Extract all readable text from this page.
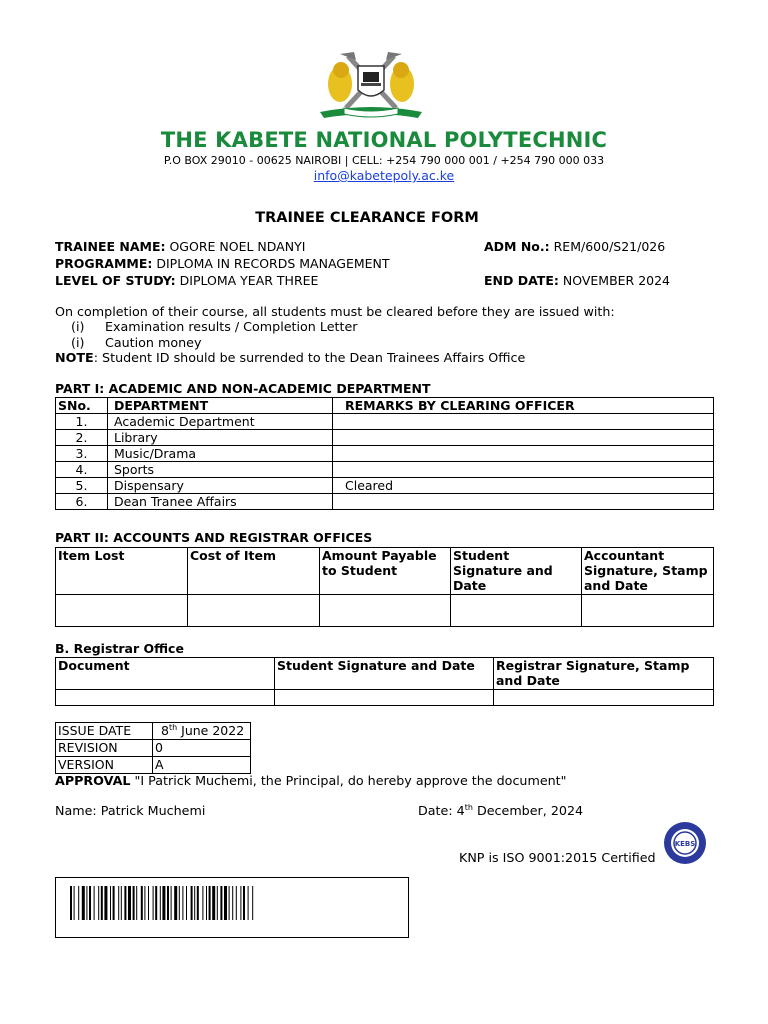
THE KABETE NATIONAL POLYTECHNIC
P.O BOX 29010 - 00625 NAIROBI | CELL: +254 790 000 001 / +254 790 000 033
info@kabetepoly.ac.ke
TRAINEE CLEARANCE FORM
TRAINEE NAME: OGORE NOEL NDANYI	ADM No.: REM/600/S21/026
PROGRAMME: DIPLOMA IN RECORDS MANAGEMENT
LEVEL OF STUDY: DIPLOMA YEAR THREE	END DATE: NOVEMBER 2024
On completion of their course, all students must be cleared before they are issued with:
(i) Examination results / Completion Letter
(i) Caution money
NOTE: Student ID should be surrended to the Dean Trainees Affairs Office
PART I: ACADEMIC AND NON-ACADEMIC DEPARTMENT
SNo.	DEPARTMENT	REMARKS BY CLEARING OFFICER
1.	Academic Department	
2.	Library	
3.	Music/Drama	
4.	Sports	
5.	Dispensary	Cleared
6.	Dean Tranee Affairs	
PART II: ACCOUNTS AND REGISTRAR OFFICES
Item Lost	Cost of Item	Amount Payable to Student	Student Signature and Date	Accountant Signature, Stamp and Date

B. Registrar Office
Document	Student Signature and Date	Registrar Signature, Stamp and Date

ISSUE DATE	8th June 2022
REVISION	0
VERSION	A
APPROVAL "I Patrick Muchemi, the Principal, do hereby approve the document"
Name: Patrick Muchemi	Date: 4th December, 2024
KNP is ISO 9001:2015 Certified
KEBS
